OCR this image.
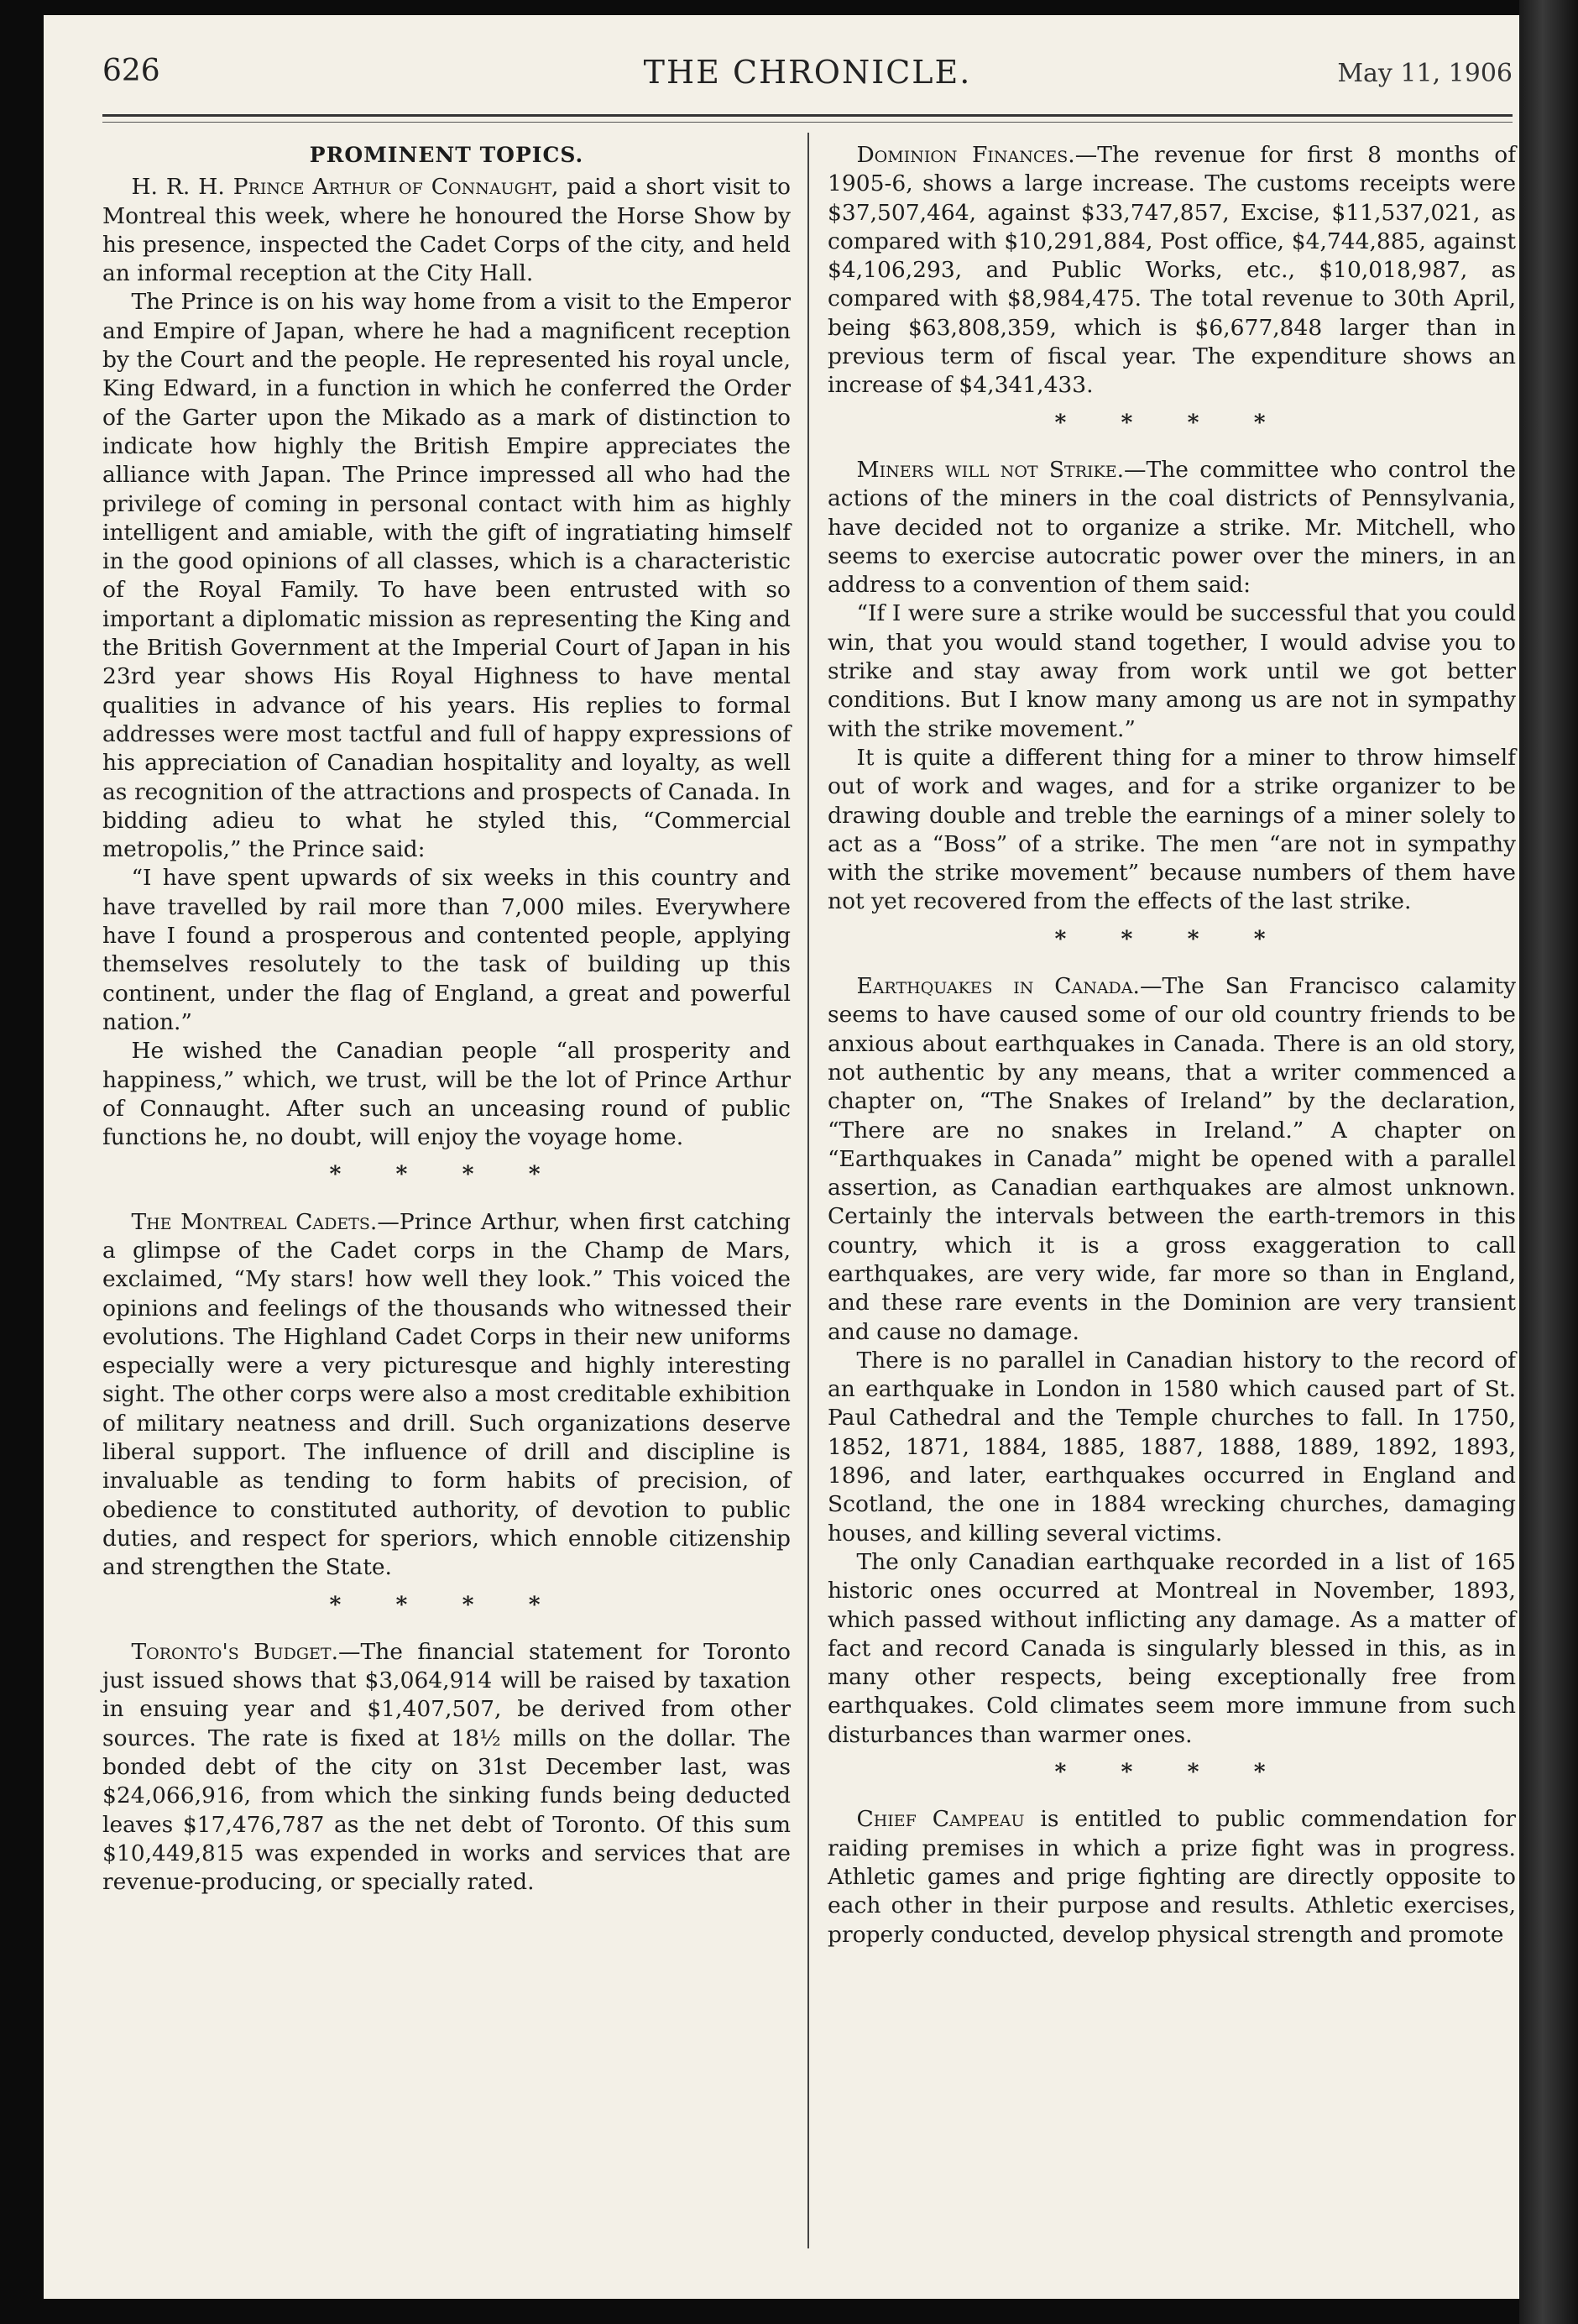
626	THE CHRONICLE.	May 11, 1906
PROMINENT TOPICS.

H. R. H. Prince Arthur of Connaught, paid a short visit to Montreal this week, where he honoured the Horse Show by his presence, inspected the Cadet Corps of the city, and held an informal reception at the City Hall.

The Prince is on his way home from a visit to the Emperor and Empire of Japan, where he had a magnificent reception by the Court and the people. He represented his royal uncle, King Edward, in a function in which he conferred the Order of the Garter upon the Mikado as a mark of distinction to indicate how highly the British Empire appreciates the alliance with Japan. The Prince impressed all who had the privilege of coming in personal contact with him as highly intelligent and amiable, with the gift of ingratiating himself in the good opinions of all classes, which is a characteristic of the Royal Family. To have been entrusted with so important a diplomatic mission as representing the King and the British Government at the Imperial Court of Japan in his 23rd year shows His Royal Highness to have mental qualities in advance of his years. His replies to formal addresses were most tactful and full of happy expressions of his appreciation of Canadian hospitality and loyalty, as well as recognition of the attractions and prospects of Canada. In bidding adieu to what he styled this, “Commercial metropolis,” the Prince said:

“I have spent upwards of six weeks in this country and have travelled by rail more than 7,000 miles. Everywhere have I found a prosperous and contented people, applying themselves resolutely to the task of building up this continent, under the flag of England, a great and powerful nation.”

He wished the Canadian people “all prosperity and happiness,” which, we trust, will be the lot of Prince Arthur of Connaught. After such an unceasing round of public functions he, no doubt, will enjoy the voyage home.

* * * *

The Montreal Cadets.—Prince Arthur, when first catching a glimpse of the Cadet corps in the Champ de Mars, exclaimed, “My stars! how well they look.” This voiced the opinions and feelings of the thousands who witnessed their evolutions. The Highland Cadet Corps in their new uniforms especially were a very picturesque and highly interesting sight. The other corps were also a most creditable exhibition of military neatness and drill. Such organizations deserve liberal support. The influence of drill and discipline is invaluable as tending to form habits of precision, of obedience to constituted authority, of devotion to public duties, and respect for speriors, which ennoble citizenship and strengthen the State.

* * * *

Toronto's Budget.—The financial statement for Toronto just issued shows that $3,064,914 will be raised by taxation in ensuing year and $1,407,507, be derived from other sources. The rate is fixed at 18½ mills on the dollar. The bonded debt of the city on 31st December last, was $24,066,916, from which the sinking funds being deducted leaves $17,476,787 as the net debt of Toronto. Of this sum $10,449,815 was expended in works and services that are revenue-producing, or specially rated.

Dominion Finances.—The revenue for first 8 months of 1905-6, shows a large increase. The customs receipts were $37,507,464, against $33,747,857, Excise, $11,537,021, as compared with $10,291,884, Post office, $4,744,885, against $4,106,293, and Public Works, etc., $10,018,987, as compared with $8,984,475. The total revenue to 30th April, being $63,808,359, which is $6,677,848 larger than in previous term of fiscal year. The expenditure shows an increase of $4,341,433.

* * * *

Miners will not Strike.—The committee who control the actions of the miners in the coal districts of Pennsylvania, have decided not to organize a strike. Mr. Mitchell, who seems to exercise autocratic power over the miners, in an address to a convention of them said:

“If I were sure a strike would be successful that you could win, that you would stand together, I would advise you to strike and stay away from work until we got better conditions. But I know many among us are not in sympathy with the strike movement.”

It is quite a different thing for a miner to throw himself out of work and wages, and for a strike organizer to be drawing double and treble the earnings of a miner solely to act as a “Boss” of a strike. The men “are not in sympathy with the strike movement” because numbers of them have not yet recovered from the effects of the last strike.

* * * *

Earthquakes in Canada.—The San Francisco calamity seems to have caused some of our old country friends to be anxious about earthquakes in Canada. There is an old story, not authentic by any means, that a writer commenced a chapter on, “The Snakes of Ireland” by the declaration, “There are no snakes in Ireland.” A chapter on “Earthquakes in Canada” might be opened with a parallel assertion, as Canadian earthquakes are almost unknown. Certainly the intervals between the earth-tremors in this country, which it is a gross exaggeration to call earthquakes, are very wide, far more so than in England, and these rare events in the Dominion are very transient and cause no damage.

There is no parallel in Canadian history to the record of an earthquake in London in 1580 which caused part of St. Paul Cathedral and the Temple churches to fall. In 1750, 1852, 1871, 1884, 1885, 1887, 1888, 1889, 1892, 1893, 1896, and later, earthquakes occurred in England and Scotland, the one in 1884 wrecking churches, damaging houses, and killing several victims.

The only Canadian earthquake recorded in a list of 165 historic ones occurred at Montreal in November, 1893, which passed without inflicting any damage. As a matter of fact and record Canada is singularly blessed in this, as in many other respects, being exceptionally free from earthquakes. Cold climates seem more immune from such disturbances than warmer ones.

* * * *

Chief Campeau is entitled to public commendation for raiding premises in which a prize fight was in progress. Athletic games and prige fighting are directly opposite to each other in their purpose and results. Athletic exercises, properly conducted, develop physical strength and promote
